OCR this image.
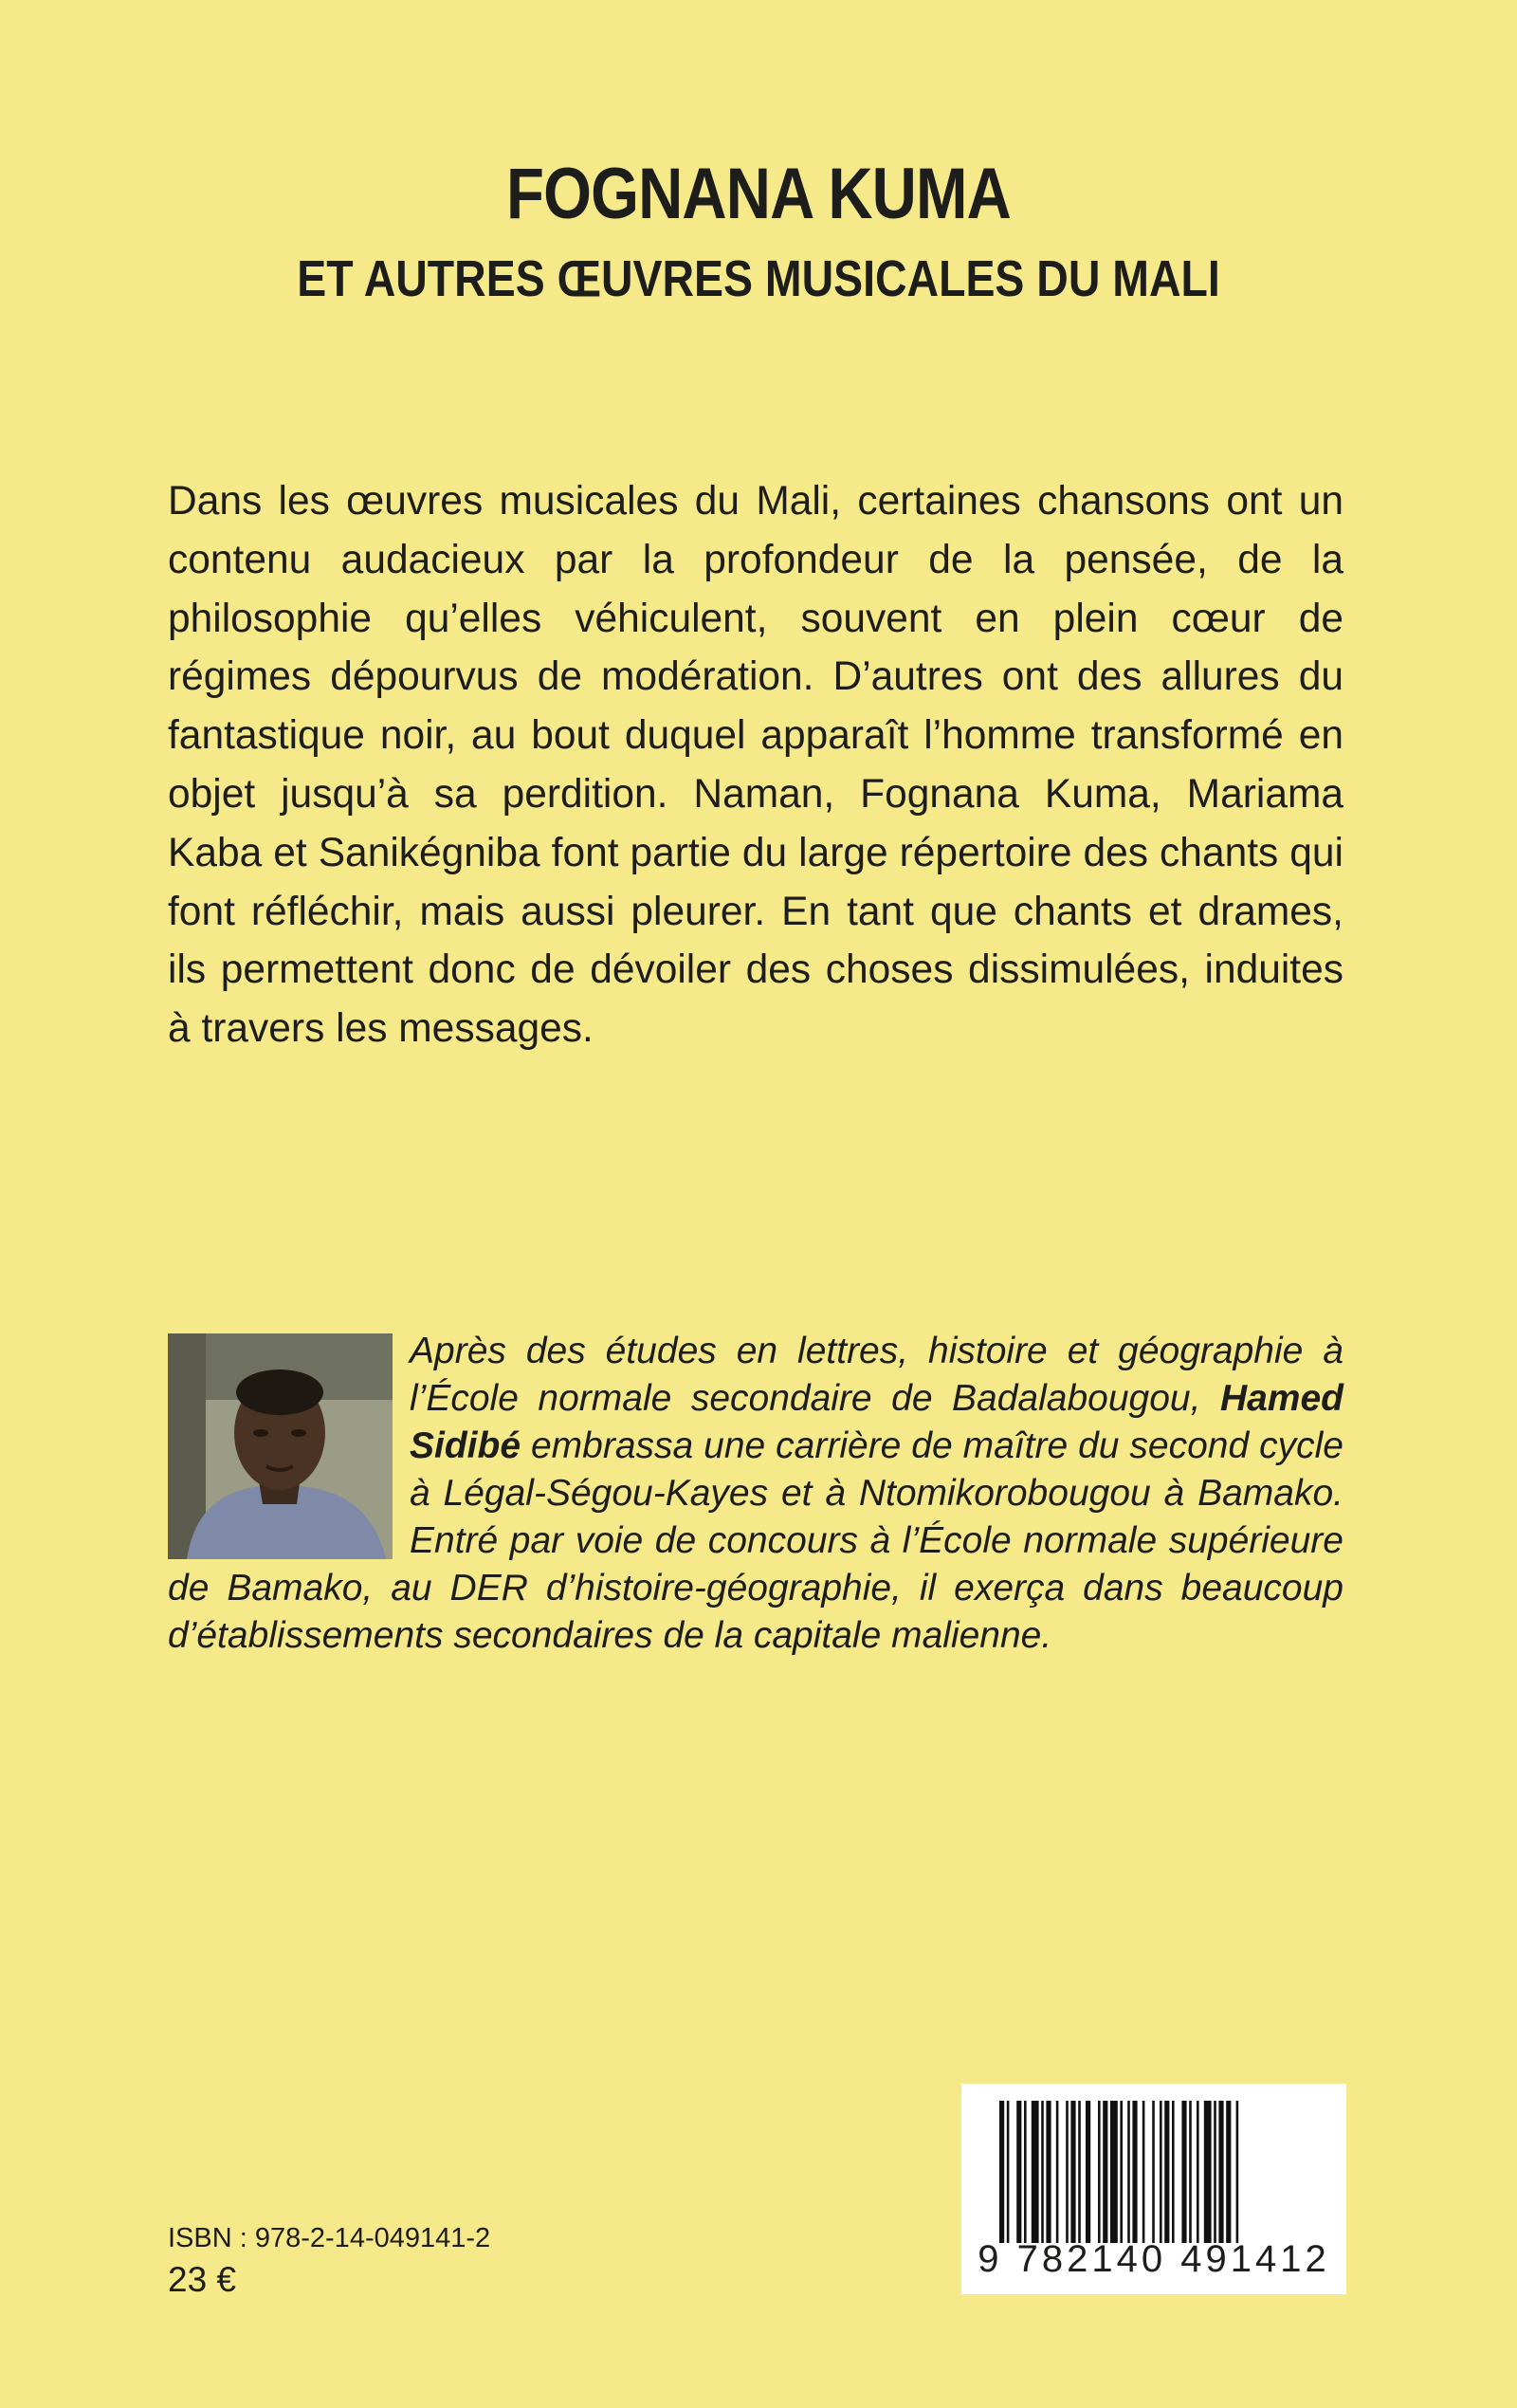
FOGNANA KUMA
ET AUTRES ŒUVRES MUSICALES DU MALI

Dans les œuvres musicales du Mali, certaines chansons ont un contenu audacieux par la profondeur de la pensée, de la philosophie qu’elles véhiculent, souvent en plein cœur de régimes dépourvus de modération. D’autres ont des allures du fantastique noir, au bout duquel apparaît l’homme transformé en objet jusqu’à sa perdition. Naman, Fognana Kuma, Mariama Kaba et Sanikégniba font partie du large répertoire des chants qui font réfléchir, mais aussi pleurer. En tant que chants et drames, ils permettent donc de dévoiler des choses dissimulées, induites à travers les messages.

Après des études en lettres, histoire et géographie à l’École normale secondaire de Badalabougou, Hamed Sidibé embrassa une carrière de maître du second cycle à Légal-Ségou-Kayes et à Ntomikorobougou à Bamako. Entré par voie de concours à l’École normale supérieure de Bamako, au DER d’histoire-géographie, il exerça dans beaucoup d’établissements secondaires de la capitale malienne.

ISBN : 978-2-14-049141-2
23 €	9 782140 491412
